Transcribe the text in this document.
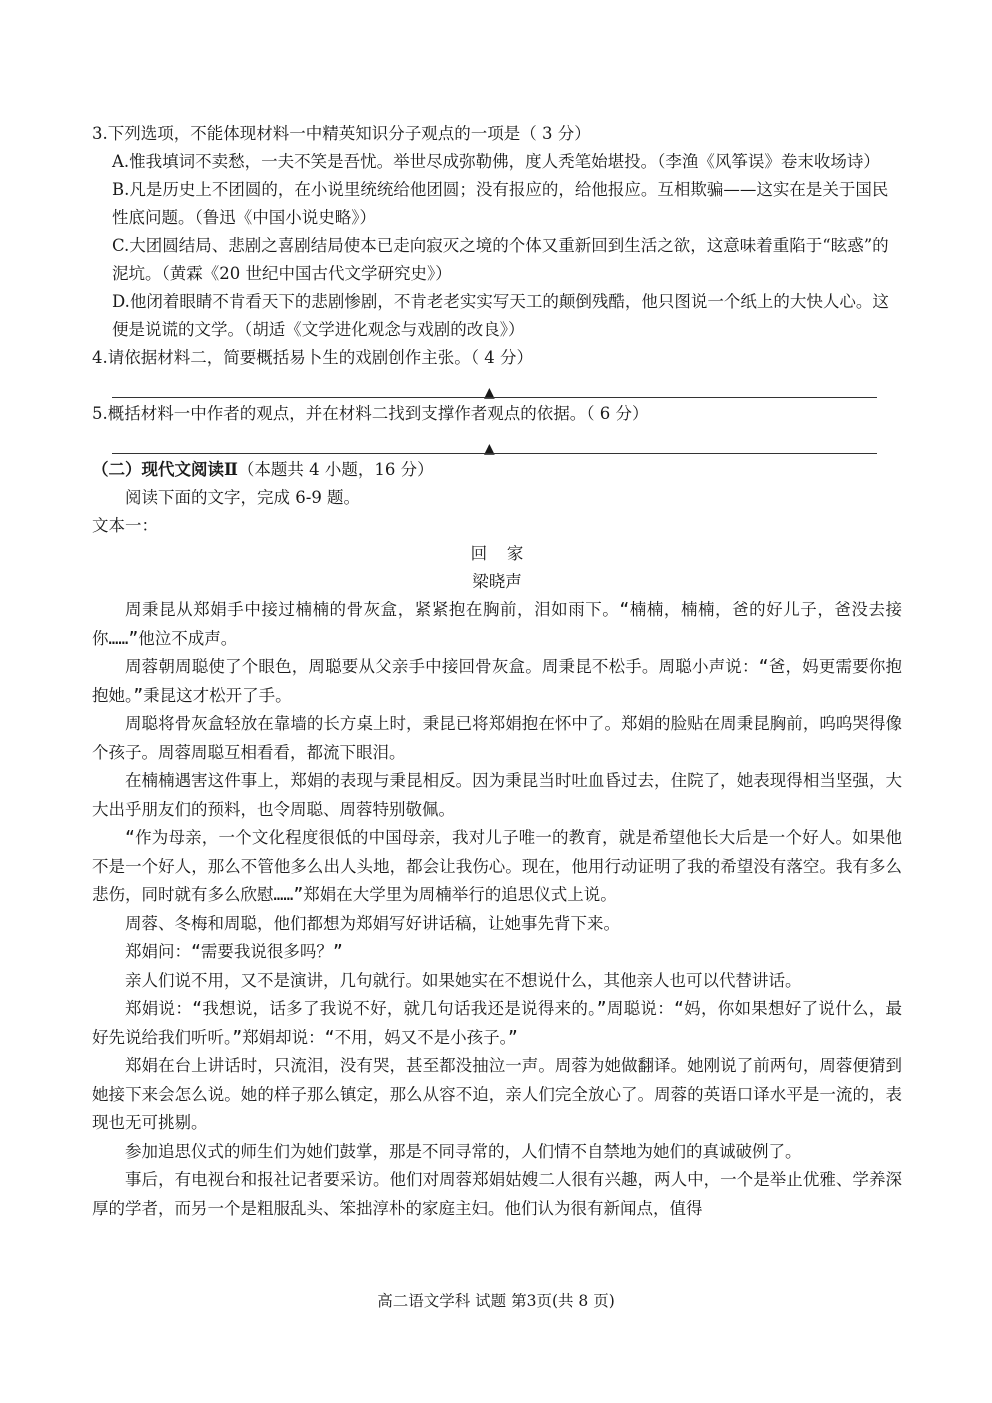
3.下列选项，不能体现材料一中精英知识分子观点的一项是（ 3 分）

A.惟我填词不卖愁，一夫不笑是吾忧。举世尽成弥勒佛，度人秃笔始堪投。（李渔《风筝误》卷末收场诗）

B.凡是历史上不团圆的，在小说里统统给他团圆；没有报应的，给他报应。互相欺骗——这实在是关于国民性底问题。（鲁迅《中国小说史略》）

C.大团圆结局、悲剧之喜剧结局使本已走向寂灭之境的个体又重新回到生活之欲，这意味着重陷于“眩惑”的泥坑。（黄霖《20 世纪中国古代文学研究史》）

D.他闭着眼睛不肯看天下的悲剧惨剧，不肯老老实实写天工的颠倒残酷，他只图说一个纸上的大快人心。这便是说谎的文学。（胡适《文学进化观念与戏剧的改良》）

4.请依据材料二，简要概括易卜生的戏剧创作主张。（ 4 分）

▲

5.概括材料一中作者的观点，并在材料二找到支撑作者观点的依据。（ 6 分）

▲

（二）现代文阅读Ⅱ（本题共 4 小题，16 分）

阅读下面的文字，完成 6-9 题。

文本一：

回家

梁晓声

周秉昆从郑娟手中接过楠楠的骨灰盒，紧紧抱在胸前，泪如雨下。“楠楠，楠楠，爸的好儿子，爸没去接你……”他泣不成声。

周蓉朝周聪使了个眼色，周聪要从父亲手中接回骨灰盒。周秉昆不松手。周聪小声说：“爸，妈更需要你抱抱她。”秉昆这才松开了手。

周聪将骨灰盒轻放在靠墙的长方桌上时，秉昆已将郑娟抱在怀中了。郑娟的脸贴在周秉昆胸前，呜呜哭得像个孩子。周蓉周聪互相看看，都流下眼泪。

在楠楠遇害这件事上，郑娟的表现与秉昆相反。因为秉昆当时吐血昏过去，住院了，她表现得相当坚强，大大出乎朋友们的预料，也令周聪、周蓉特别敬佩。

“作为母亲，一个文化程度很低的中国母亲，我对儿子唯一的教育，就是希望他长大后是一个好人。如果他不是一个好人，那么不管他多么出人头地，都会让我伤心。现在，他用行动证明了我的希望没有落空。我有多么悲伤，同时就有多么欣慰……”郑娟在大学里为周楠举行的追思仪式上说。

周蓉、冬梅和周聪，他们都想为郑娟写好讲话稿，让她事先背下来。

郑娟问：“需要我说很多吗？”

亲人们说不用，又不是演讲，几句就行。如果她实在不想说什么，其他亲人也可以代替讲话。

郑娟说：“我想说，话多了我说不好，就几句话我还是说得来的。”周聪说：“妈，你如果想好了说什么，最好先说给我们听听。”郑娟却说：“不用，妈又不是小孩子。”

郑娟在台上讲话时，只流泪，没有哭，甚至都没抽泣一声。周蓉为她做翻译。她刚说了前两句，周蓉便猜到她接下来会怎么说。她的样子那么镇定，那么从容不迫，亲人们完全放心了。周蓉的英语口译水平是一流的，表现也无可挑剔。

参加追思仪式的师生们为她们鼓掌，那是不同寻常的，人们情不自禁地为她们的真诚破例了。

事后，有电视台和报社记者要采访。他们对周蓉郑娟姑嫂二人很有兴趣，两人中，一个是举止优雅、学养深厚的学者，而另一个是粗服乱头、笨拙淳朴的家庭主妇。他们认为很有新闻点，值得

高二语文学科 试题 第3页(共 8 页)
